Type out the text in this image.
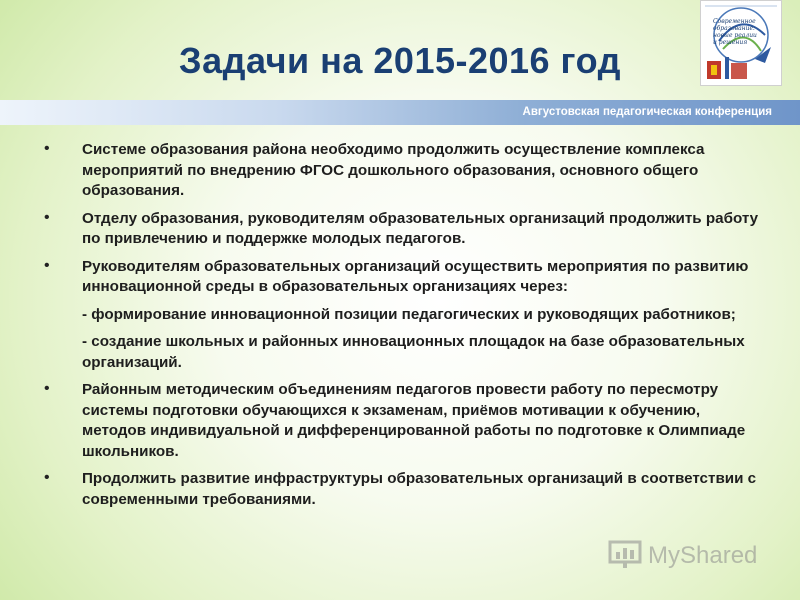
Задачи на 2015-2016 год
Августовская педагогическая конференция
Современное
образование:
новые реалии
и решения
• Системе образования района необходимо продолжить осуществление комплекса мероприятий по внедрению ФГОС дошкольного образования, основного общего образования.
• Отделу образования, руководителям образовательных организаций продолжить работу по привлечению и поддержке молодых педагогов.
• Руководителям образовательных организаций осуществить мероприятия по развитию инновационной среды в образовательных организациях через:
- формирование инновационной позиции педагогических и руководящих работников;
- создание школьных и районных инновационных площадок на базе образовательных организаций.
• Районным методическим объединениям педагогов провести работу по пересмотру системы подготовки обучающихся к экзаменам, приёмов мотивации к обучению, методов индивидуальной и дифференцированной работы по подготовке к Олимпиаде школьников.
• Продолжить развитие инфраструктуры образовательных организаций в соответствии с современными требованиями.
MyShared
